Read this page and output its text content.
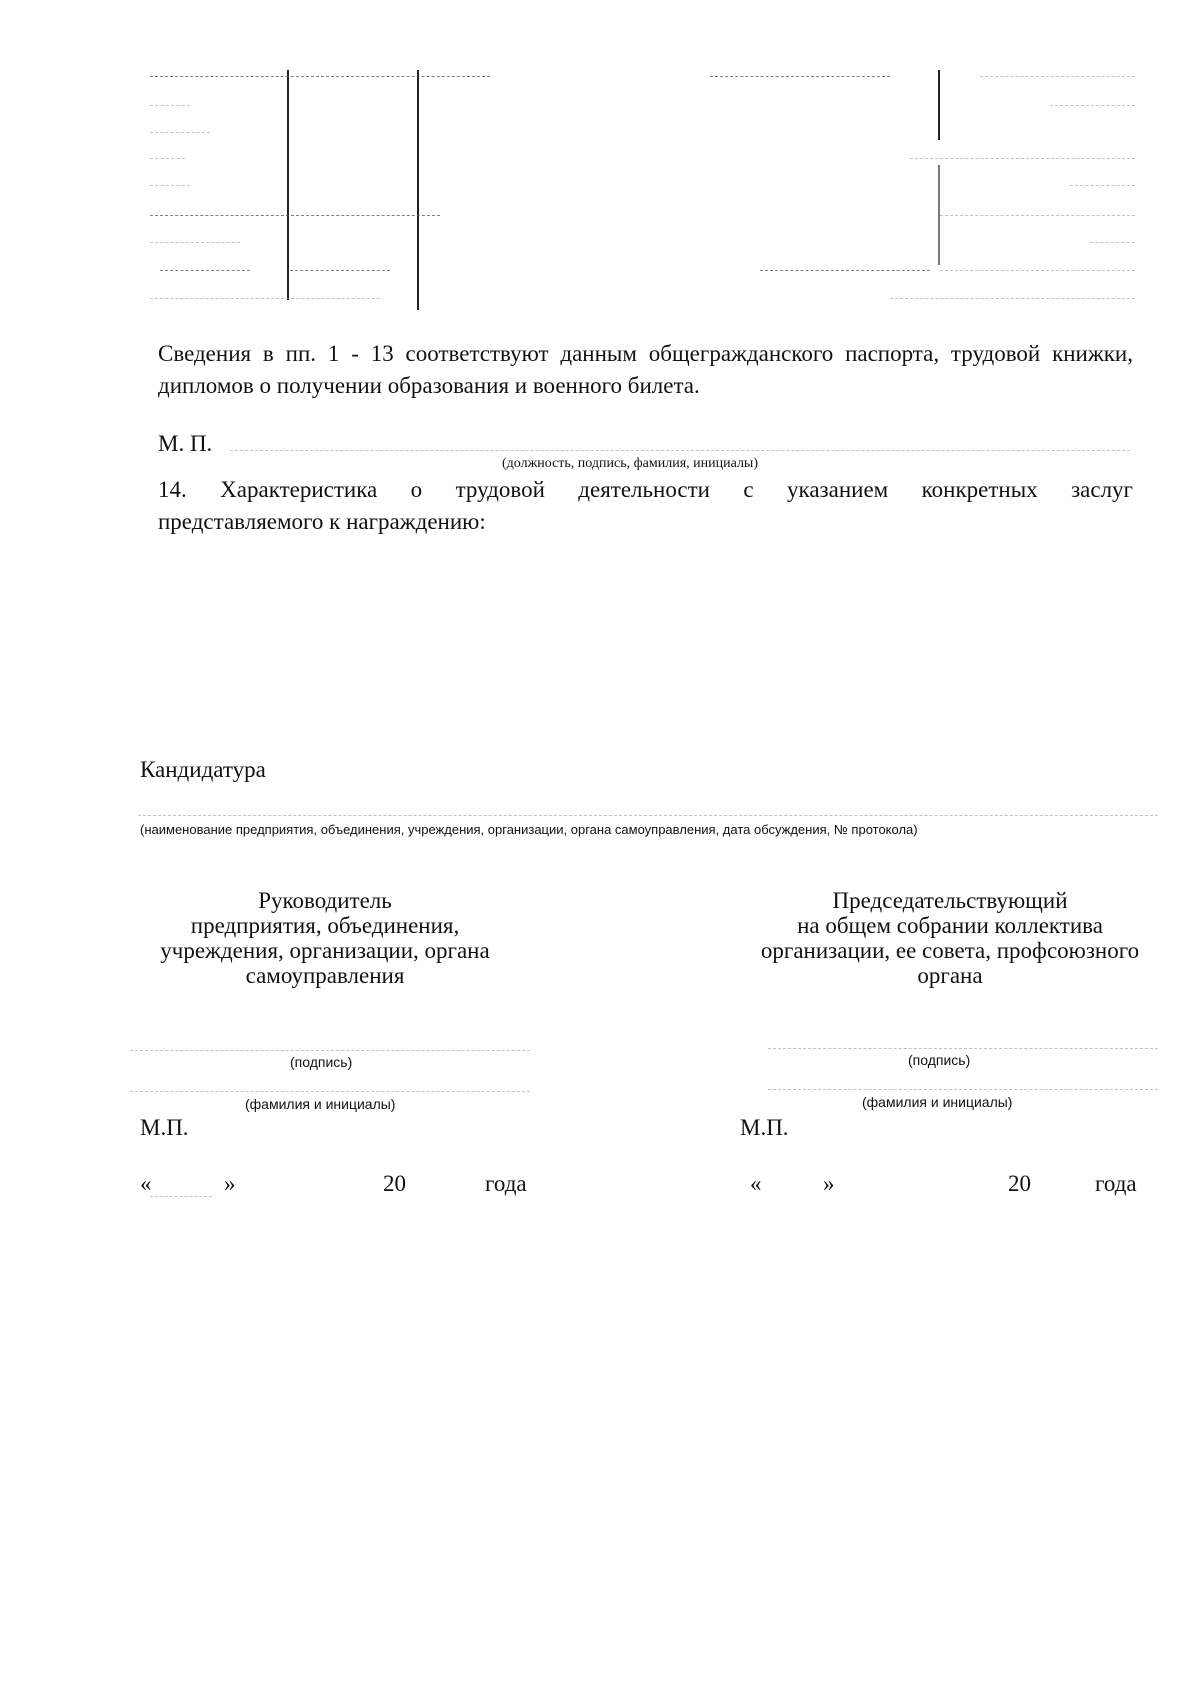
Сведения в пп. 1 - 13 соответствуют данным общегражданского паспорта, трудовой книжки,
дипломов о получении образования и военного билета.
М. П.
(должность, подпись, фамилия, инициалы)
14. Характеристика о трудовой деятельности с указанием конкретных заслуг
представляемого к награждению:
Кандидатура
(наименование предприятия, объединения, учреждения, организации, органа самоуправления, дата обсуждения, № протокола)
Руководитель
предприятия, объединения,
учреждения, организации, органа
самоуправления
(подпись)
(фамилия и инициалы)
М.П.
«	»	20	года
Председательствующий
на общем собрании коллектива
организации, ее совета, профсоюзного
органа
(подпись)
(фамилия и инициалы)
М.П.
«	»	20	года
